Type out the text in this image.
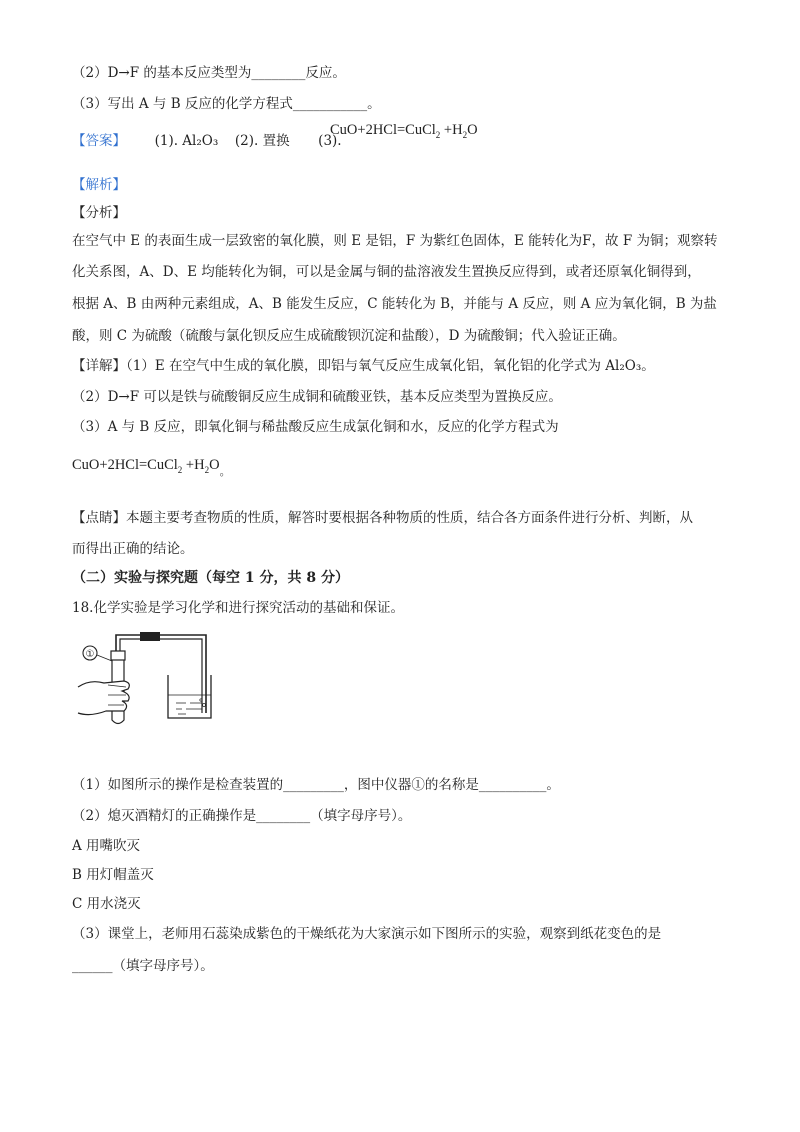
（2）D→F 的基本反应类型为________反应。
（3）写出 A 与 B 反应的化学方程式___________。
【答案】 (1). Al₂O₃ (2). 置换 (3).
CuO+2HCl=CuCl$_2$ $+H_2O$
【解析】
【分析】
在空气中 E 的表面生成一层致密的氧化膜，则 E 是铝，F 为紫红色固体，E 能转化为F，故 F 为铜；观察转
化关系图，A、D、E 均能转化为铜，可以是金属与铜的盐溶液发生置换反应得到，或者还原氧化铜得到，
根据 A、B 由两种元素组成，A、B 能发生反应，C 能转化为 B，并能与 A 反应，则 A 应为氧化铜，B 为盐
酸，则 C 为硫酸（硫酸与氯化钡反应生成硫酸钡沉淀和盐酸），D 为硫酸铜；代入验证正确。
【详解】（1）E 在空气中生成的氧化膜，即铝与氧气反应生成氧化铝，氧化铝的化学式为 Al₂O₃。
（2）D→F 可以是铁与硫酸铜反应生成铜和硫酸亚铁，基本反应类型为置换反应。
（3）A 与 B 反应，即氧化铜与稀盐酸反应生成氯化铜和水，反应的化学方程式为
CuO+2HCl=CuCl$_2$ $+H_2O_。$
【点睛】本题主要考查物质的性质，解答时要根据各种物质的性质，结合各方面条件进行分析、判断，从
而得出正确的结论。
（二）实验与探究题（每空 1 分，共 8 分）
18.化学实验是学习化学和进行探究活动的基础和保证。
①
（1）如图所示的操作是检查装置的_________，图中仪器①的名称是__________。
（2）熄灭酒精灯的正确操作是________（填字母序号）。
A 用嘴吹灭
B 用灯帽盖灭
C 用水浇灭
（3）课堂上，老师用石蕊染成紫色的干燥纸花为大家演示如下图所示的实验，观察到纸花变色的是
______（填字母序号）。
